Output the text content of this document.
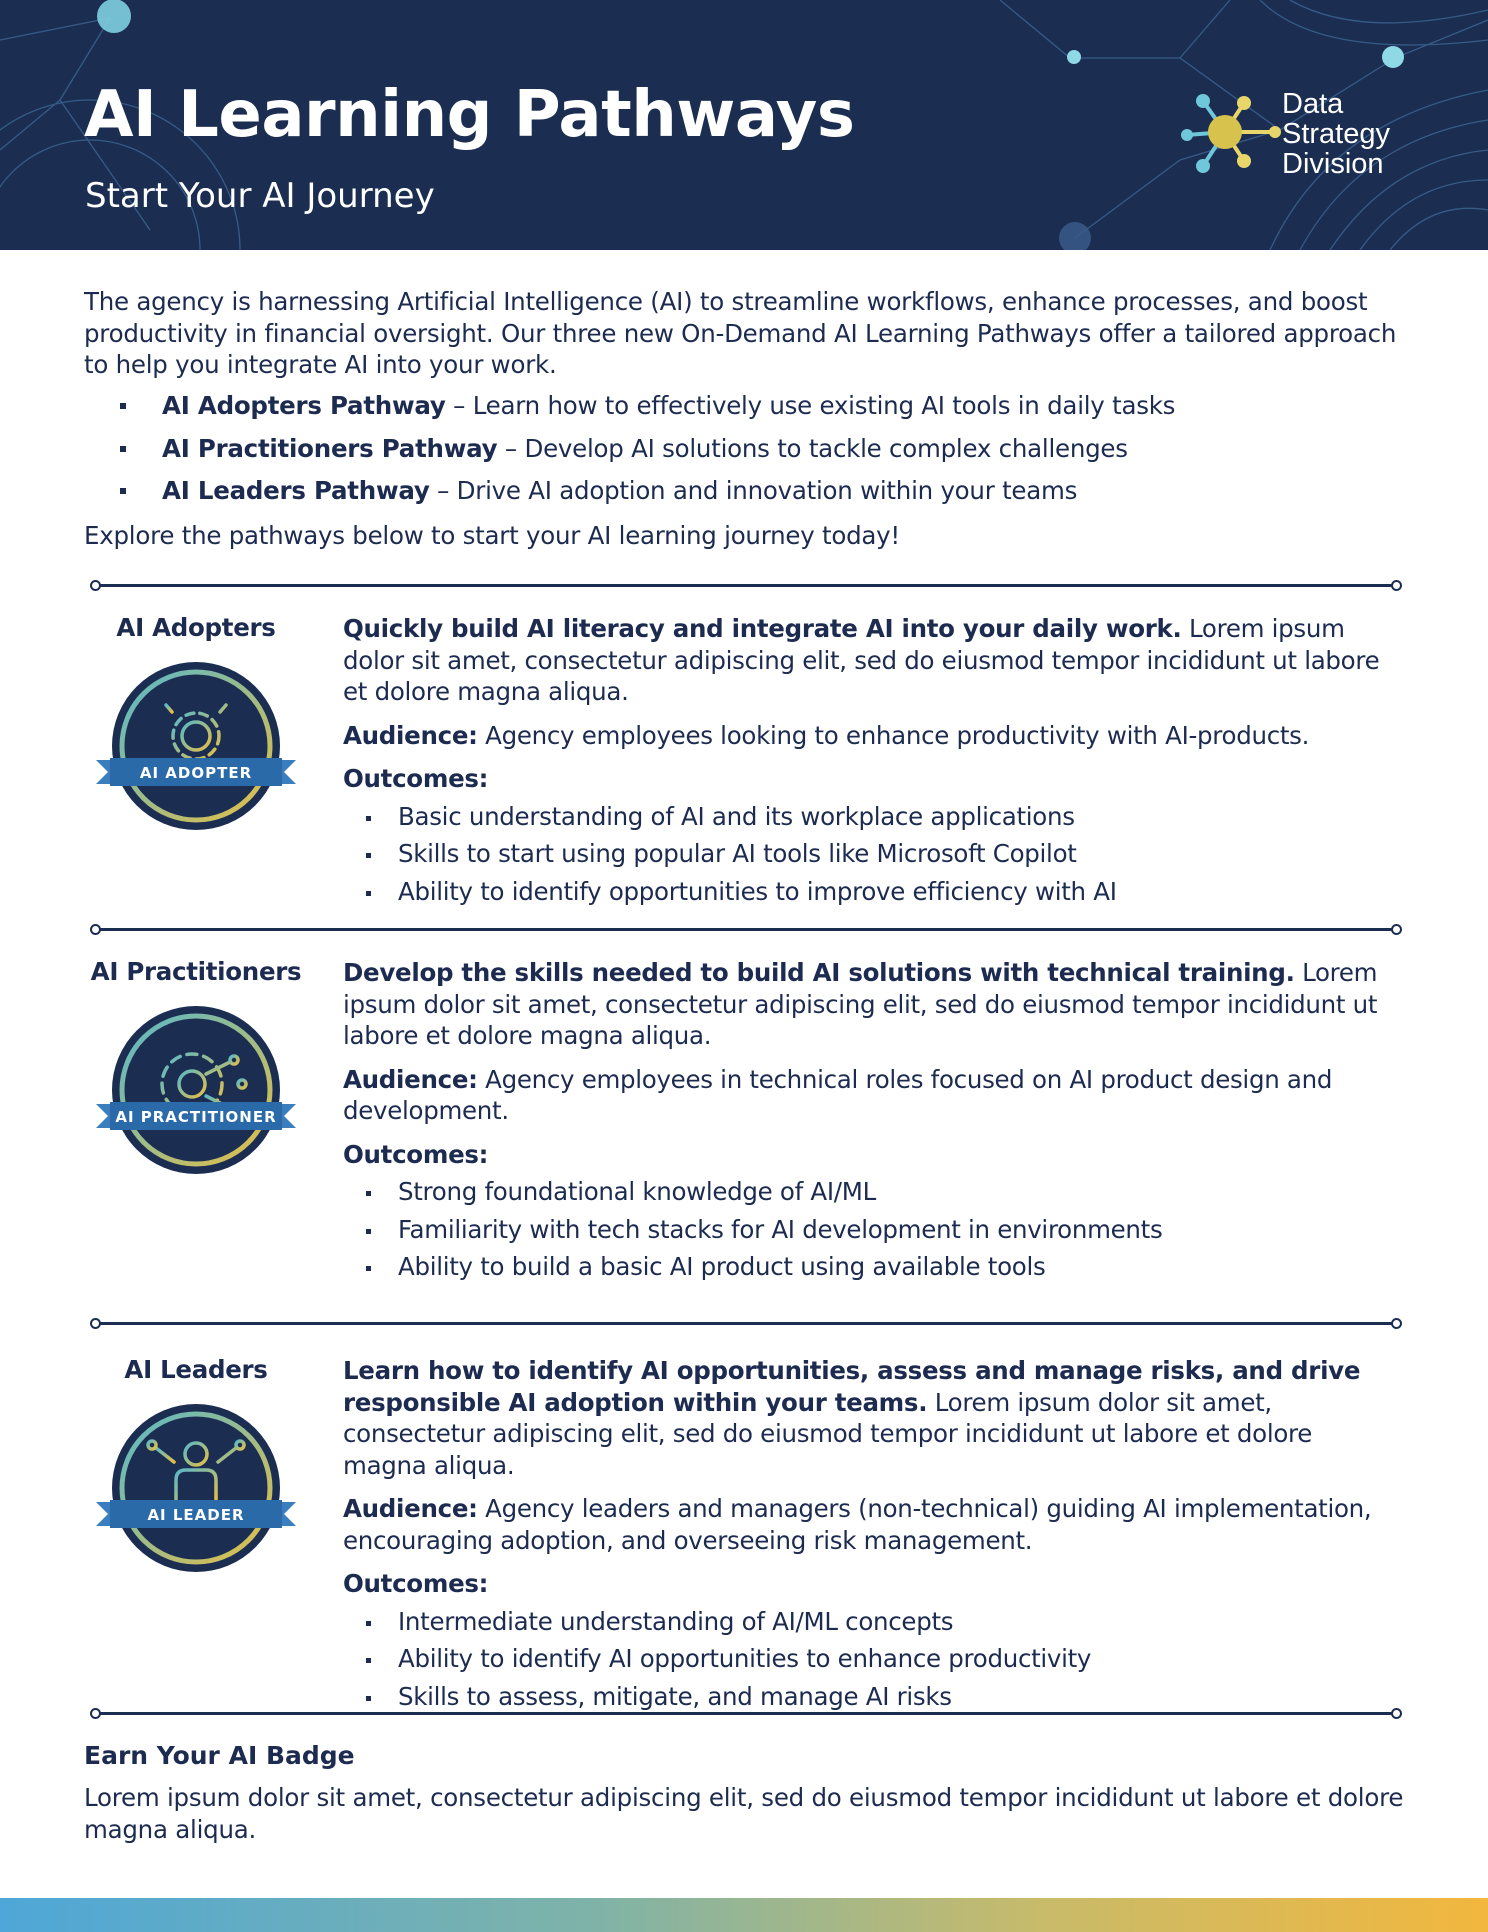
AI Learning Pathways
Start Your AI Journey
Data
Strategy
Division

The agency is harnessing Artificial Intelligence (AI) to streamline workflows, enhance processes, and boost productivity in financial oversight. Our three new On-Demand AI Learning Pathways offer a tailored approach to help you integrate AI into your work.

AI Adopters Pathway – Learn how to effectively use existing AI tools in daily tasks
AI Practitioners Pathway – Develop AI solutions to tackle complex challenges
AI Leaders Pathway – Drive AI adoption and innovation within your teams

Explore the pathways below to start your AI learning journey today!

AI Adopters
AI ADOPTER

Quickly build AI literacy and integrate AI into your daily work. Lorem ipsum dolor sit amet, consectetur adipiscing elit, sed do eiusmod tempor incididunt ut labore et dolore magna aliqua.

Audience: Agency employees looking to enhance productivity with AI-products.

Outcomes:

Basic understanding of AI and its workplace applications
Skills to start using popular AI tools like Microsoft Copilot
Ability to identify opportunities to improve efficiency with AI
AI Practitioners
AI PRACTITIONER

Develop the skills needed to build AI solutions with technical training. Lorem ipsum dolor sit amet, consectetur adipiscing elit, sed do eiusmod tempor incididunt ut labore et dolore magna aliqua.

Audience: Agency employees in technical roles focused on AI product design and development.

Outcomes:

Strong foundational knowledge of AI/ML
Familiarity with tech stacks for AI development in environments
Ability to build a basic AI product using available tools
AI Leaders
AI LEADER

Learn how to identify AI opportunities, assess and manage risks, and drive responsible AI adoption within your teams. Lorem ipsum dolor sit amet, consectetur adipiscing elit, sed do eiusmod tempor incididunt ut labore et dolore magna aliqua.

Audience: Agency leaders and managers (non-technical) guiding AI implementation, encouraging adoption, and overseeing risk management.

Outcomes:

Intermediate understanding of AI/ML concepts
Ability to identify AI opportunities to enhance productivity
Skills to assess, mitigate, and manage AI risks
Earn Your AI Badge

Lorem ipsum dolor sit amet, consectetur adipiscing elit, sed do eiusmod tempor incididunt ut labore et dolore magna aliqua.
